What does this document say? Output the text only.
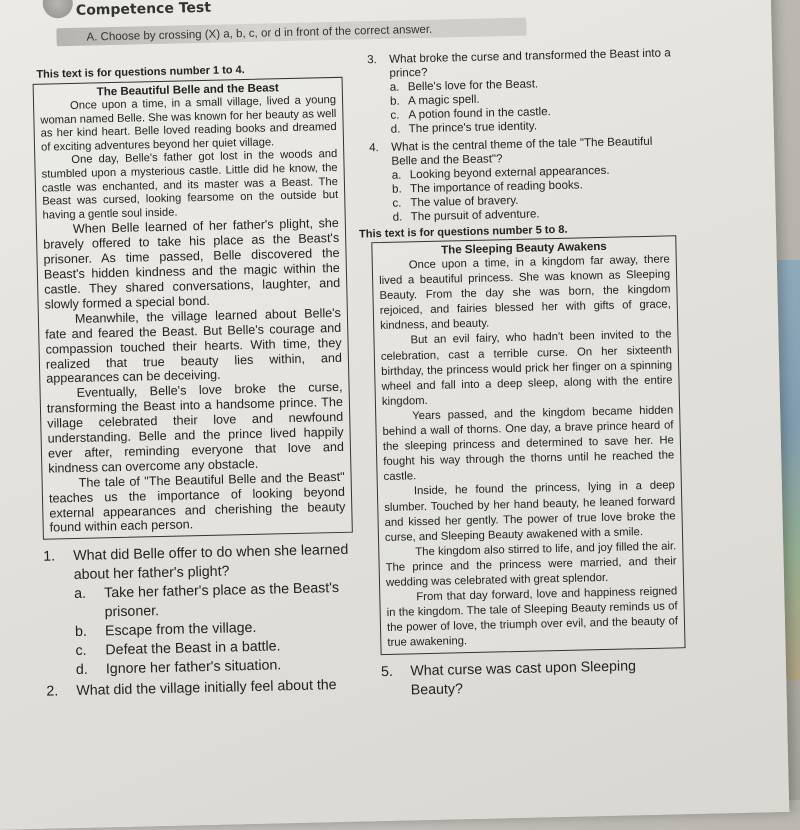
Competence Test
A. Choose by crossing (X) a, b, c, or d in front of the correct answer.
This text is for questions number 1 to 4.
The Beautiful Belle and the Beast

Once upon a time, in a small village, lived a young woman named Belle. She was known for her beauty as well as her kind heart. Belle loved reading books and dreamed of exciting adventures beyond her quiet village.

One day, Belle's father got lost in the woods and stumbled upon a mysterious castle. Little did he know, the castle was enchanted, and its master was a Beast. The Beast was cursed, looking fearsome on the outside but having a gentle soul inside.

When Belle learned of her father's plight, she bravely offered to take his place as the Beast's prisoner. As time passed, Belle discovered the Beast's hidden kindness and the magic within the castle. They shared conversations, laughter, and slowly formed a special bond.

Meanwhile, the village learned about Belle's fate and feared the Beast. But Belle's courage and compassion touched their hearts. With time, they realized that true beauty lies within, and appearances can be deceiving.

Eventually, Belle's love broke the curse, transforming the Beast into a handsome prince. The village celebrated their love and newfound understanding. Belle and the prince lived happily ever after, reminding everyone that love and kindness can overcome any obstacle.

The tale of "The Beautiful Belle and the Beast" teaches us the importance of looking beyond external appearances and cherishing the beauty found within each person.

1.	What did Belle offer to do when she learned about her father's plight?
a.	Take her father's place as the Beast's prisoner.
b.	Escape from the village.
c.	Defeat the Beast in a battle.
d.	Ignore her father's situation.
2.	What did the village initially feel about the
3.	What broke the curse and transformed the Beast into a prince?
a. Belle's love for the Beast.
b. A magic spell.
c. A potion found in the castle.
d. The prince's true identity.
4.	What is the central theme of the tale "The Beautiful Belle and the Beast"?
a. Looking beyond external appearances.
b. The importance of reading books.
c. The value of bravery.
d. The pursuit of adventure.
This text is for questions number 5 to 8.
The Sleeping Beauty Awakens

Once upon a time, in a kingdom far away, there lived a beautiful princess. She was known as Sleeping Beauty. From the day she was born, the kingdom rejoiced, and fairies blessed her with gifts of grace, kindness, and beauty.

But an evil fairy, who hadn't been invited to the celebration, cast a terrible curse. On her sixteenth birthday, the princess would prick her finger on a spinning wheel and fall into a deep sleep, along with the entire kingdom.

Years passed, and the kingdom became hidden behind a wall of thorns. One day, a brave prince heard of the sleeping princess and determined to save her. He fought his way through the thorns until he reached the castle.

Inside, he found the princess, lying in a deep slumber. Touched by her hand beauty, he leaned forward and kissed her gently. The power of true love broke the curse, and Sleeping Beauty awakened with a smile.

The kingdom also stirred to life, and joy filled the air. The prince and the princess were married, and their wedding was celebrated with great splendor.

From that day forward, love and happiness reigned in the kingdom. The tale of Sleeping Beauty reminds us of the power of love, the triumph over evil, and the beauty of true awakening.

5.	What curse was cast upon Sleeping Beauty?
